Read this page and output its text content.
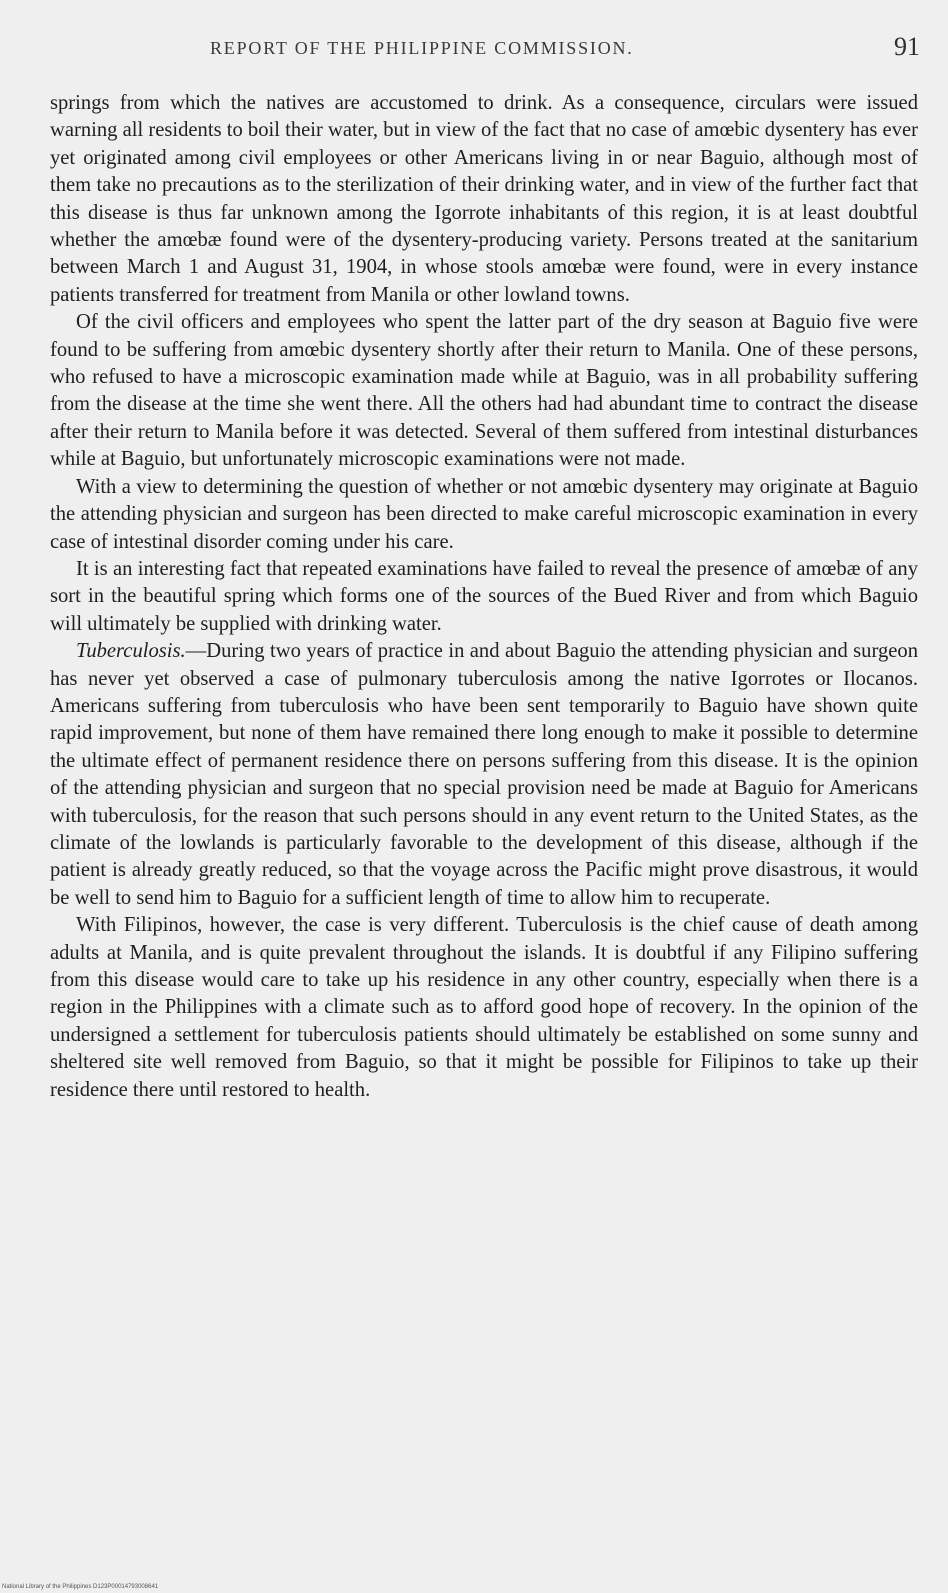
REPORT OF THE PHILIPPINE COMMISSION.	91

springs from which the natives are accustomed to drink. As a consequence, circulars were issued warning all residents to boil their water, but in view of the fact that no case of amœbic dysentery has ever yet originated among civil employees or other Americans living in or near Baguio, although most of them take no precautions as to the sterilization of their drinking water, and in view of the further fact that this disease is thus far unknown among the Igorrote inhabitants of this region, it is at least doubtful whether the amœbæ found were of the dysentery-producing variety. Persons treated at the sanitarium between March 1 and August 31, 1904, in whose stools amœbæ were found, were in every instance patients transferred for treatment from Manila or other lowland towns.

Of the civil officers and employees who spent the latter part of the dry season at Baguio five were found to be suffering from amœbic dysentery shortly after their return to Manila. One of these persons, who refused to have a microscopic examination made while at Baguio, was in all probability suffering from the disease at the time she went there. All the others had had abundant time to contract the disease after their return to Manila before it was detected. Several of them suffered from intestinal disturbances while at Baguio, but unfortunately microscopic examinations were not made.

With a view to determining the question of whether or not amœbic dysentery may originate at Baguio the attending physician and surgeon has been directed to make careful microscopic examination in every case of intestinal disorder coming under his care.

It is an interesting fact that repeated examinations have failed to reveal the presence of amœbæ of any sort in the beautiful spring which forms one of the sources of the Bued River and from which Baguio will ultimately be supplied with drinking water.

Tuberculosis.—During two years of practice in and about Baguio the attending physician and surgeon has never yet observed a case of pulmonary tuberculosis among the native Igorrotes or Ilocanos. Americans suffering from tuberculosis who have been sent temporarily to Baguio have shown quite rapid improvement, but none of them have remained there long enough to make it possible to determine the ultimate effect of permanent residence there on persons suffering from this disease. It is the opinion of the attending physician and surgeon that no special provision need be made at Baguio for Americans with tuberculosis, for the reason that such persons should in any event return to the United States, as the climate of the lowlands is particularly favorable to the development of this disease, although if the patient is already greatly reduced, so that the voyage across the Pacific might prove disastrous, it would be well to send him to Baguio for a sufficient length of time to allow him to recuperate.

With Filipinos, however, the case is very different. Tuberculosis is the chief cause of death among adults at Manila, and is quite prevalent throughout the islands. It is doubtful if any Filipino suffering from this disease would care to take up his residence in any other country, especially when there is a region in the Philippines with a climate such as to afford good hope of recovery. In the opinion of the undersigned a settlement for tuberculosis patients should ultimately be established on some sunny and sheltered site well removed from Baguio, so that it might be possible for Filipinos to take up their residence there until restored to health.

National Library of the Philippines D123P00014793008641
